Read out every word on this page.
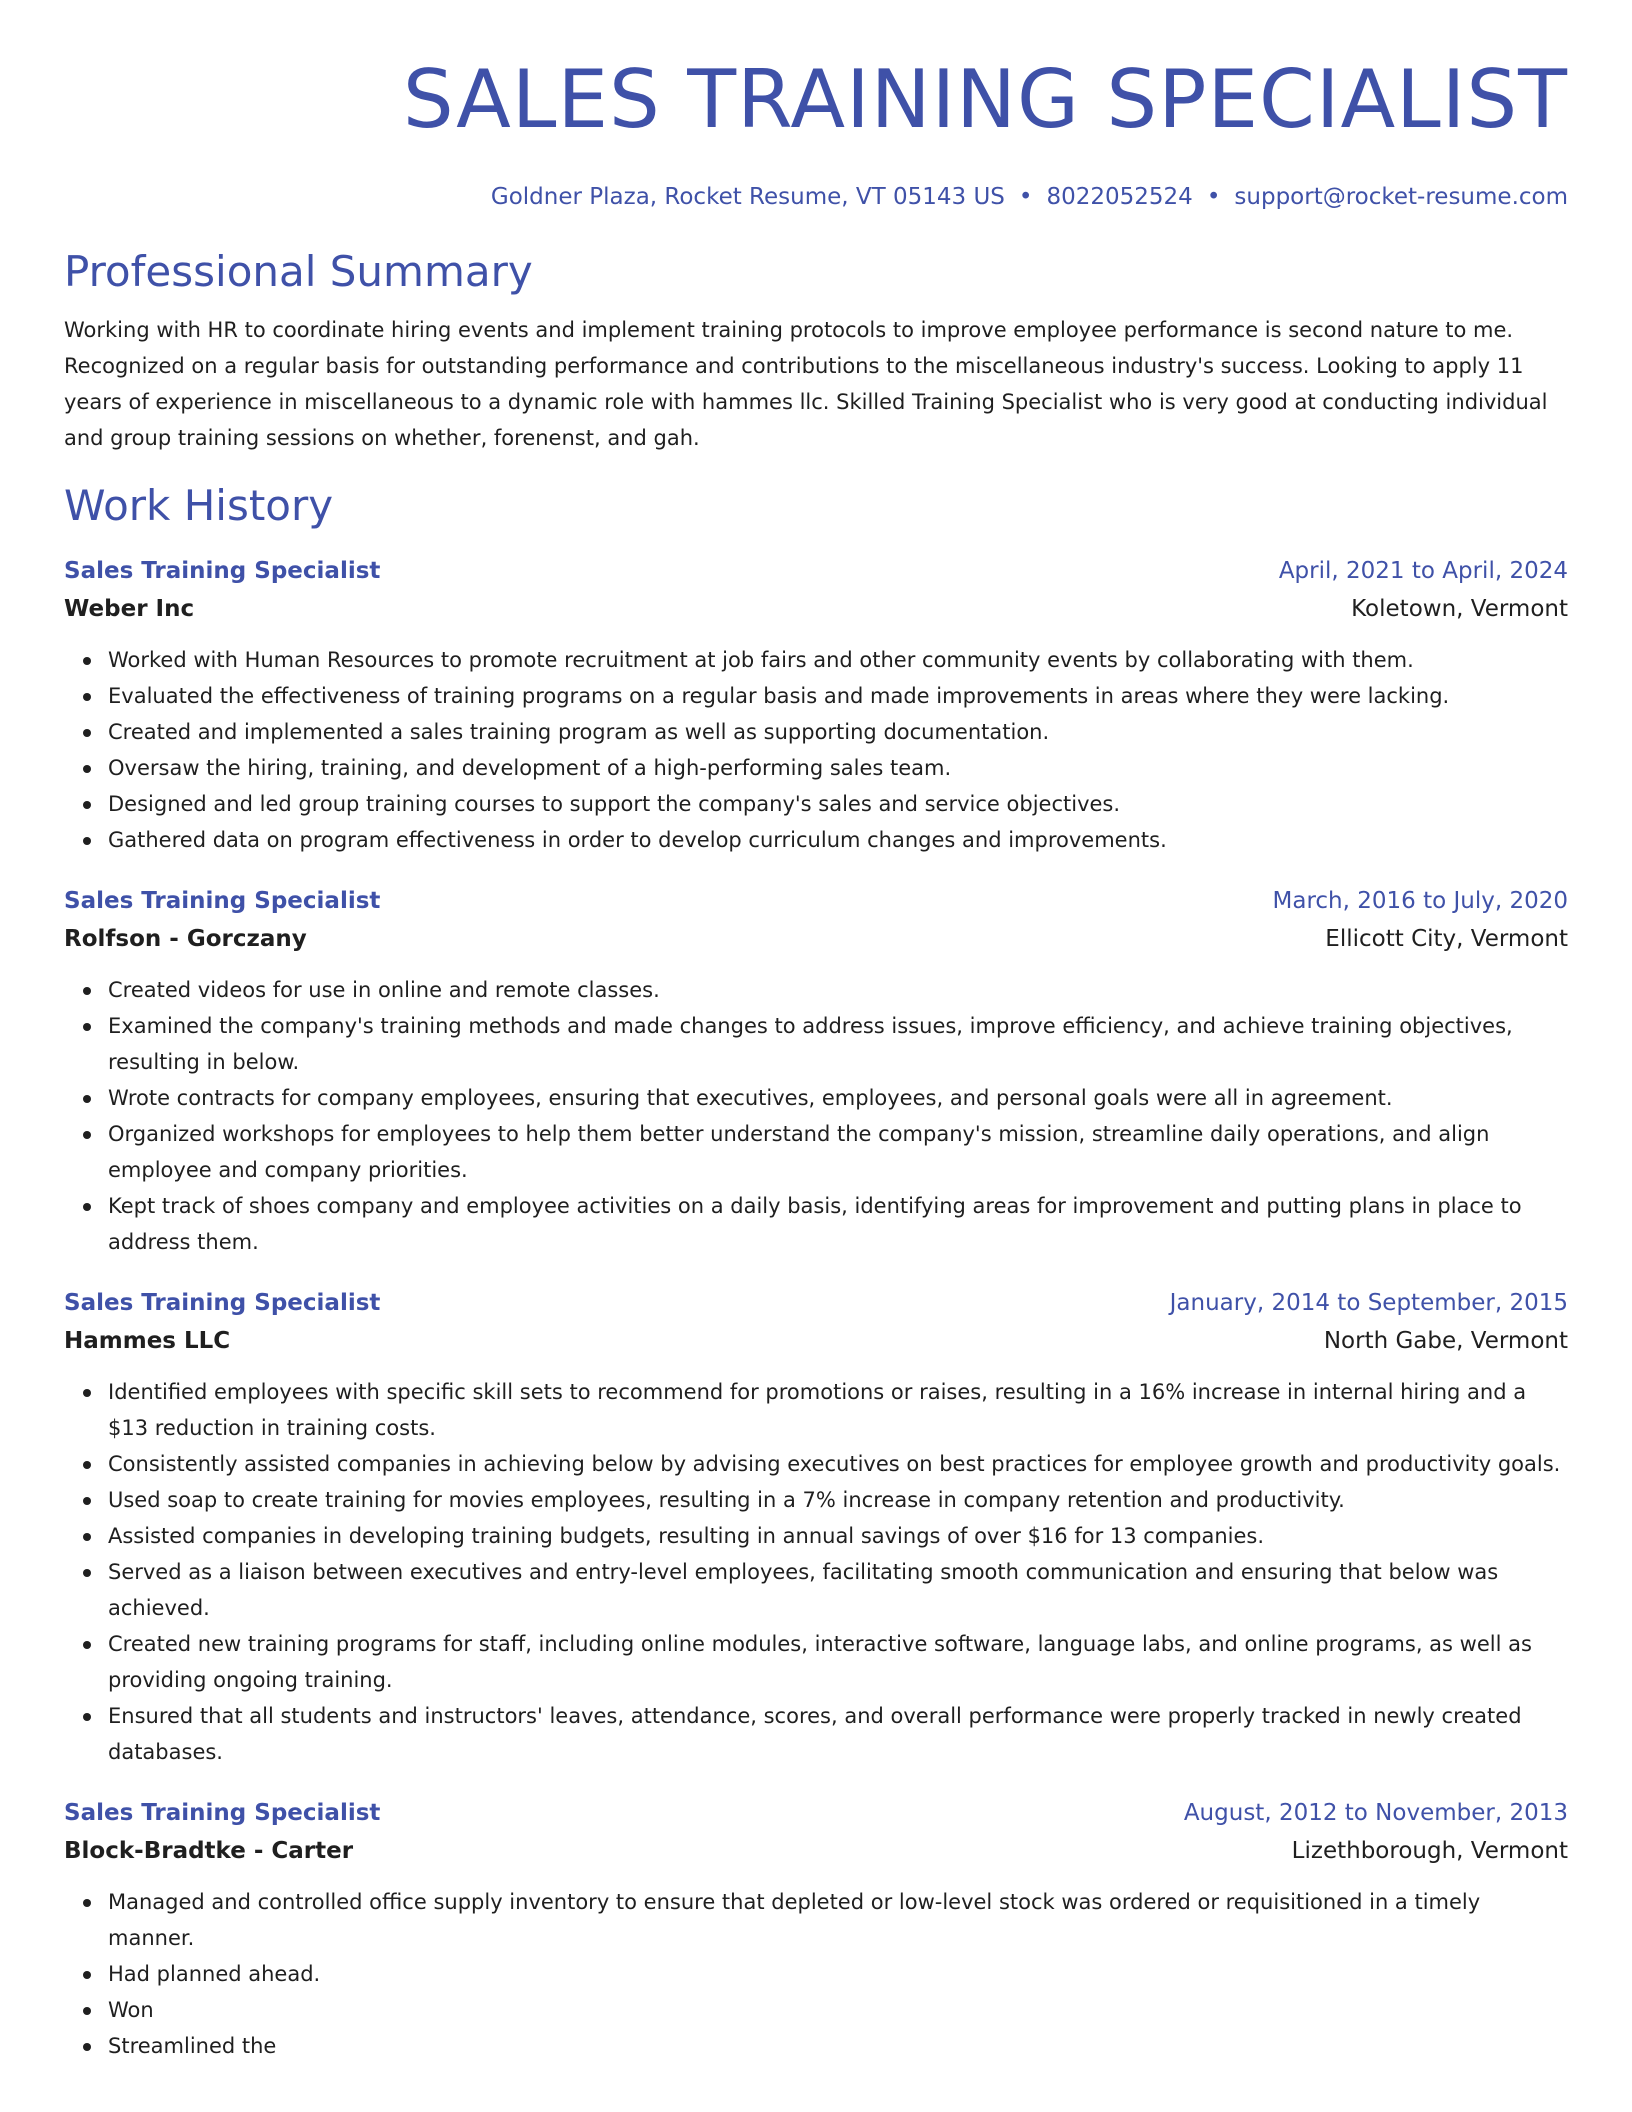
SALES TRAINING SPECIALIST
Goldner Plaza, Rocket Resume, VT 05143 US • 8022052524 • support@rocket-resume.com
Professional Summary
Working with HR to coordinate hiring events and implement training protocols to improve employee performance is second nature to me. Recognized on a regular basis for outstanding performance and contributions to the miscellaneous industry's success. Looking to apply 11 years of experience in miscellaneous to a dynamic role with hammes llc. Skilled Training Specialist who is very good at conducting individual and group training sessions on whether, forenenst, and gah.
Work History
Sales Training Specialist	April, 2021 to April, 2024
Weber Inc	Koletown, Vermont
Worked with Human Resources to promote recruitment at job fairs and other community events by collaborating with them.
Evaluated the effectiveness of training programs on a regular basis and made improvements in areas where they were lacking.
Created and implemented a sales training program as well as supporting documentation.
Oversaw the hiring, training, and development of a high-performing sales team.
Designed and led group training courses to support the company's sales and service objectives.
Gathered data on program effectiveness in order to develop curriculum changes and improvements.
Sales Training Specialist	March, 2016 to July, 2020
Rolfson - Gorczany	Ellicott City, Vermont
Created videos for use in online and remote classes.
Examined the company's training methods and made changes to address issues, improve efficiency, and achieve training objectives, resulting in below.
Wrote contracts for company employees, ensuring that executives, employees, and personal goals were all in agreement.
Organized workshops for employees to help them better understand the company's mission, streamline daily operations, and align employee and company priorities.
Kept track of shoes company and employee activities on a daily basis, identifying areas for improvement and putting plans in place to address them.
Sales Training Specialist	January, 2014 to September, 2015
Hammes LLC	North Gabe, Vermont
Identified employees with specific skill sets to recommend for promotions or raises, resulting in a 16% increase in internal hiring and a $13 reduction in training costs.
Consistently assisted companies in achieving below by advising executives on best practices for employee growth and productivity goals.
Used soap to create training for movies employees, resulting in a 7% increase in company retention and productivity.
Assisted companies in developing training budgets, resulting in annual savings of over $16 for 13 companies.
Served as a liaison between executives and entry-level employees, facilitating smooth communication and ensuring that below was achieved.
Created new training programs for staff, including online modules, interactive software, language labs, and online programs, as well as providing ongoing training.
Ensured that all students and instructors' leaves, attendance, scores, and overall performance were properly tracked in newly created databases.
Sales Training Specialist	August, 2012 to November, 2013
Block-Bradtke - Carter	Lizethborough, Vermont
Managed and controlled office supply inventory to ensure that depleted or low-level stock was ordered or requisitioned in a timely manner.
Had planned ahead.
Won
Streamlined the
